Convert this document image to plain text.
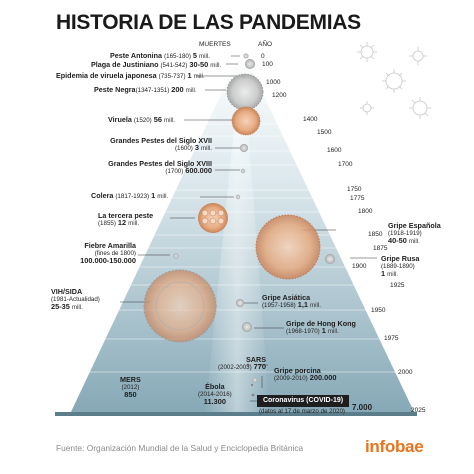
HISTORIA DE LAS PANDEMIAS
MUERTES	AÑO
0
100
1000
1200
1400
1500
1600
1700
1750
1775
1800
1850
1875
1900
1925
1950
1975
2000
2025
Peste Antonina (165-180) 5 mill.
Plaga de Justiniano (541-542) 30-50 mill.
Epidemia de viruela japonesa (735-737) 1 mill.
Peste Negra(1347-1351) 200 mill.
Viruela (1520) 56 mill.
Grandes Pestes del Siglo XVII
(1600) 3 mill.
Grandes Pestes del Siglo XVIII
(1700) 600.000
Colera (1817-1923) 1 mill.
La tercera peste
(1855) 12 mill.
Fiebre Amarilla
(fines de 1800)
100.000-150.000
Gripe Española
(1918-1919)
40-50 mill.
Gripe Rusa
(1889-1890)
1 mill.
VIH/SIDA
(1981-Actualidad)
25-35 mill.
Gripe Asiática
(1957-1958) 1,1 mill.
Gripe de Hong Kong
(1968-1970) 1 mill.
SARS
(2002-2003) 770 Gripe porcina
(2009-2010) 200.000
MERS
(2012)
850
Ébola
(2014-2016)
11.300	Coronavirus (COVID-19)
(datos al 17 de marzo de 2020) 7.000
Fuente: Organización Mundial de la Salud y Enciclopedia Británica	infobae
